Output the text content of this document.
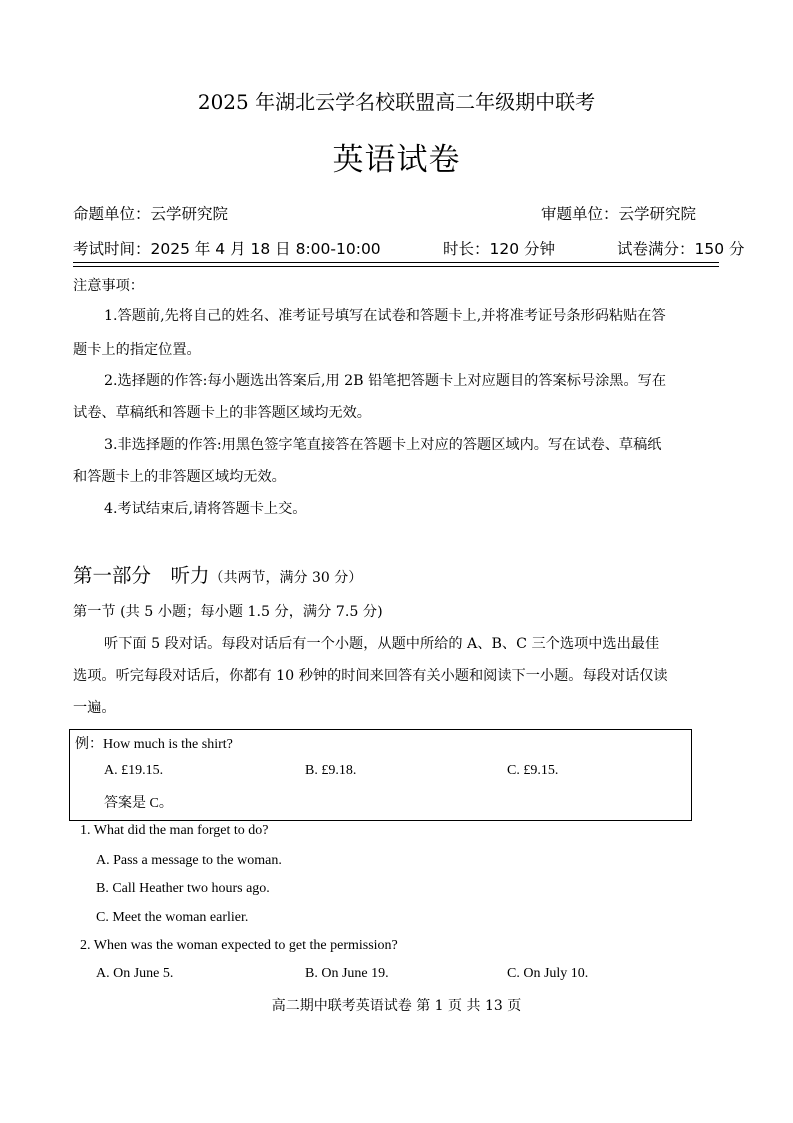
2025 年湖北云学名校联盟高二年级期中联考
英语试卷
命题单位：云学研究院	审题单位：云学研究院
考试时间：2025 年 4 月 18 日 8:00-10:00	时长：120 分钟	试卷满分：150 分
注意事项：
1.答题前,先将自己的姓名、准考证号填写在试卷和答题卡上,并将准考证号条形码粘贴在答
题卡上的指定位置。
2.选择题的作答:每小题选出答案后,用 2B 铅笔把答题卡上对应题目的答案标号涂黑。写在
试卷、草稿纸和答题卡上的非答题区域均无效。
3.非选择题的作答:用黑色签字笔直接答在答题卡上对应的答题区域内。写在试卷、草稿纸
和答题卡上的非答题区域均无效。
4.考试结束后,请将答题卡上交。
第一部分　听力（共两节，满分 30 分）
第一节 (共 5 小题；每小题 1.5 分，满分 7.5 分)
听下面 5 段对话。每段对话后有一个小题，从题中所给的 A、B、C 三个选项中选出最佳
选项。听完每段对话后，你都有 10 秒钟的时间来回答有关小题和阅读下一小题。每段对话仅读
一遍。
例：How much is the shirt?
A. £19.15.	B. £9.18.	C. £9.15.
答案是 C。
1. What did the man forget to do?
A. Pass a message to the woman.
B. Call Heather two hours ago.
C. Meet the woman earlier.
2. When was the woman expected to get the permission?
A. On June 5.	B. On June 19.	C. On July 10.
高二期中联考英语试卷 第 1 页 共 13 页
